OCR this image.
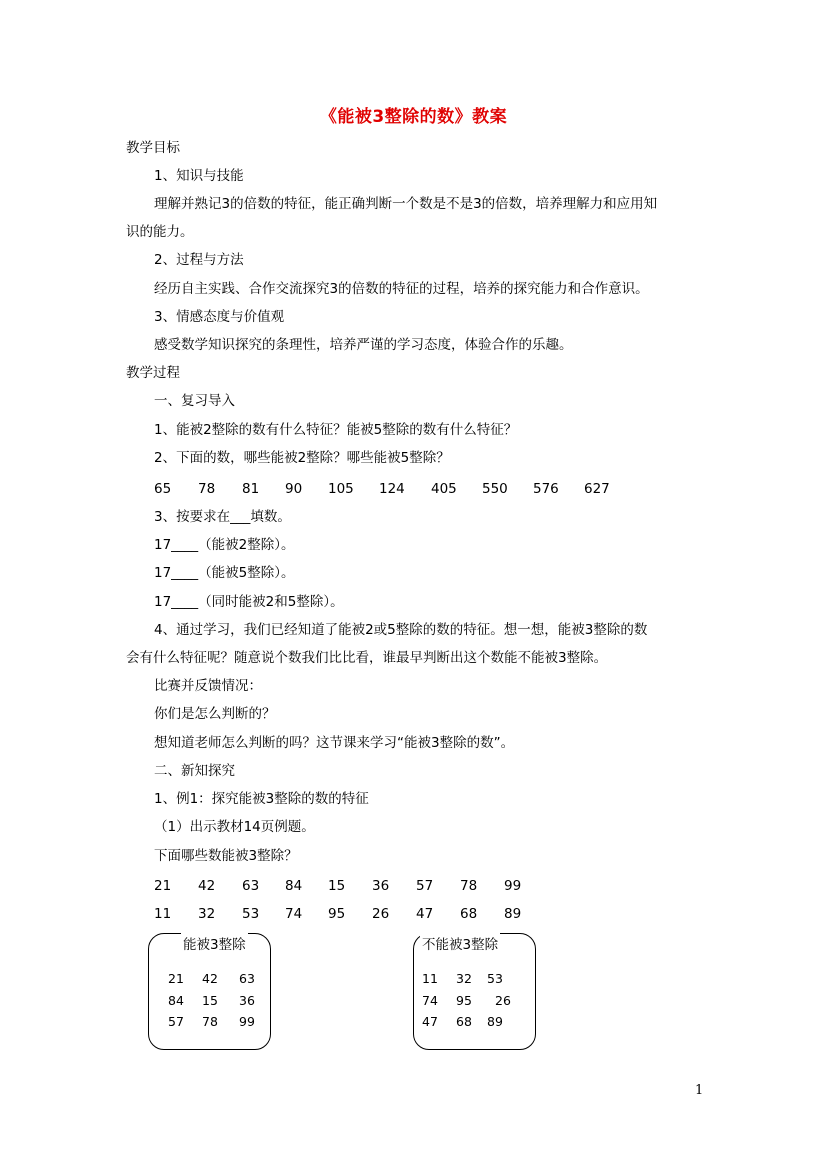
《能被3整除的数》教案
教学目标
1、知识与技能
理解并熟记3的倍数的特征，能正确判断一个数是不是3的倍数，培养理解力和应用知
识的能力。
2、过程与方法
经历自主实践、合作交流探究3的倍数的特征的过程，培养的探究能力和合作意识。
3、情感态度与价值观
感受数学知识探究的条理性，培养严谨的学习态度，体验合作的乐趣。
教学过程
一、复习导入
1、能被2整除的数有什么特征？能被5整除的数有什么特征？
2、下面的数，哪些能被2整除？哪些能被5整除？
65 78 81 90 105 124 405 550 576 627
3、按要求在___填数。
17____（能被2整除）。
17____（能被5整除）。
17____（同时能被2和5整除）。
4、通过学习，我们已经知道了能被2或5整除的数的特征。想一想，能被3整除的数
会有什么特征呢？随意说个数我们比比看，谁最早判断出这个数能不能被3整除。
比赛并反馈情况：
你们是怎么判断的？
想知道老师怎么判断的吗？这节课来学习“能被3整除的数”。
二、新知探究
1、例1：探究能被3整除的数的特征
（1）出示教材14页例题。
下面哪些数能被3整除？
21 42 63 84 15 36 57 78 99
11 32 53 74 95 26 47 68 89
能被3整除
21 42 63
84 15 36
57 78 99
不能被3整除
11 32 53
74 95 26
47 68 89
1
